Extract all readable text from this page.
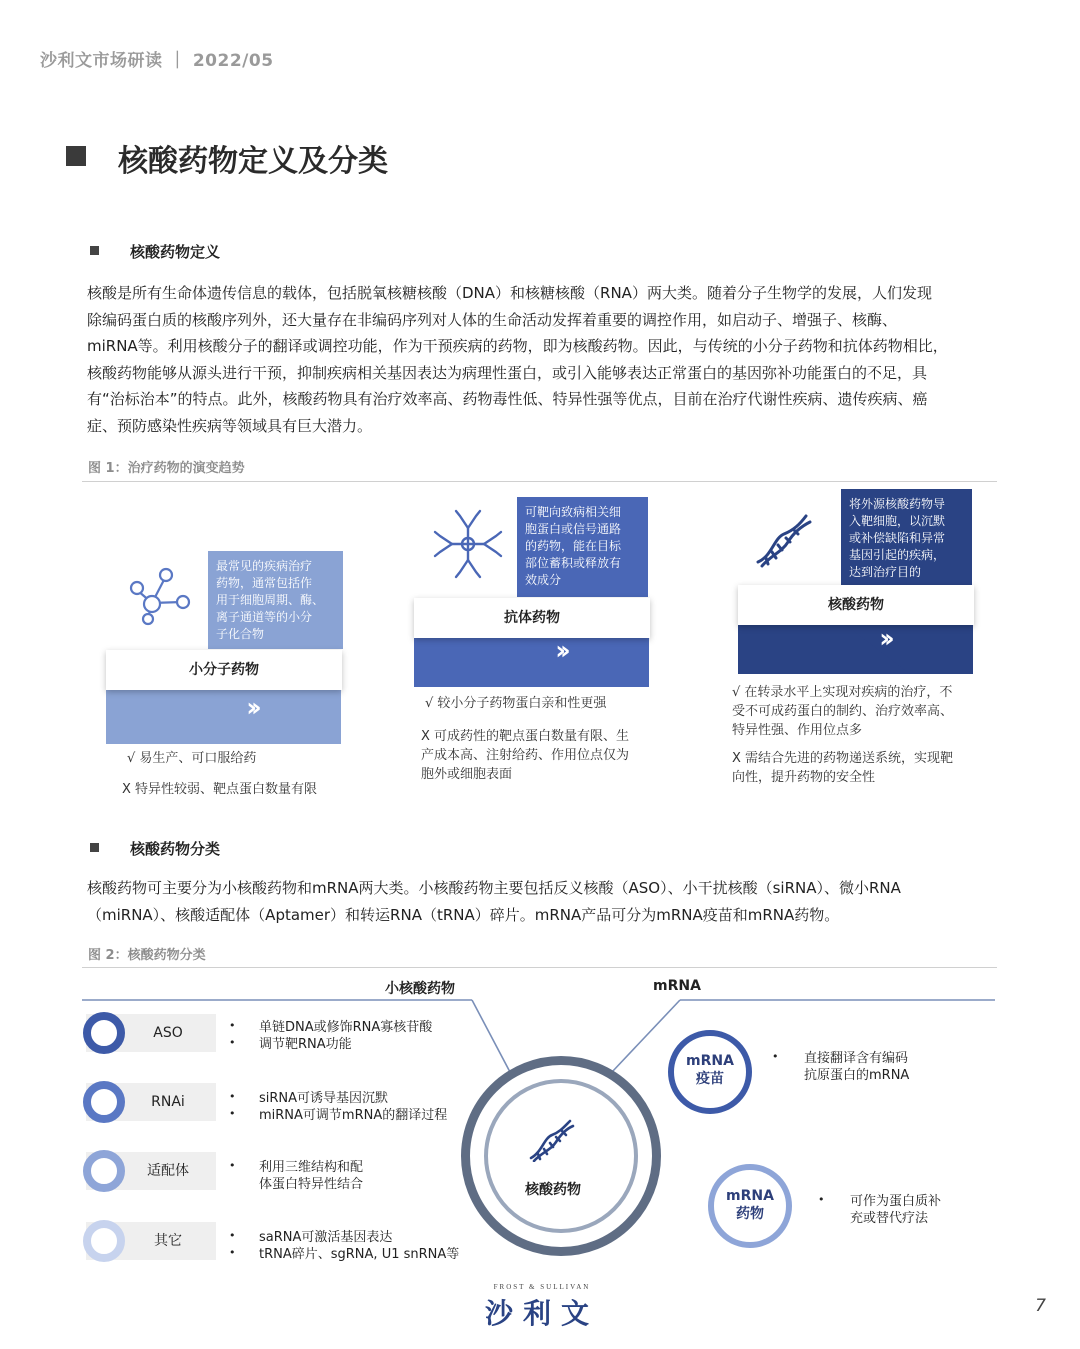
沙利文市场研读 ｜ 2022/05
核酸药物定义及分类
核酸药物定义
核酸是所有生命体遗传信息的载体，包括脱氧核糖核酸（DNA）和核糖核酸（RNA）两大类。随着分子生物学的发展，人们发现
除编码蛋白质的核酸序列外，还大量存在非编码序列对人体的生命活动发挥着重要的调控作用，如启动子、增强子、核酶、
miRNA等。利用核酸分子的翻译或调控功能，作为干预疾病的药物，即为核酸药物。因此，与传统的小分子药物和抗体药物相比，
核酸药物能够从源头进行干预，抑制疾病相关基因表达为病理性蛋白，或引入能够表达正常蛋白的基因弥补功能蛋白的不足，具
有“治标治本”的特点。此外，核酸药物具有治疗效率高、药物毒性低、特异性强等优点，目前在治疗代谢性疾病、遗传疾病、癌
症、预防感染性疾病等领域具有巨大潜力。
图 1：治疗药物的演变趋势
最常见的疾病治疗
药物，通常包括作
用于细胞周期、酶、
离子通道等的小分
子化合物
小分子药物
››
√ 易生产、可口服给药
X 特异性较弱、靶点蛋白数量有限
可靶向致病相关细
胞蛋白或信号通路
的药物，能在目标
部位蓄积或释放有
效成分
抗体药物
››
√ 较小分子药物蛋白亲和性更强
X 可成药性的靶点蛋白数量有限、生
产成本高、注射给药、作用位点仅为
胞外或细胞表面
将外源核酸药物导
入靶细胞，以沉默
或补偿缺陷和异常
基因引起的疾病，
达到治疗目的
核酸药物
››
√ 在转录水平上实现对疾病的治疗，不
受不可成药蛋白的制约、治疗效率高、
特异性强、作用位点多
X 需结合先进的药物递送系统，实现靶
向性，提升药物的安全性
核酸药物分类
核酸药物可主要分为小核酸药物和mRNA两大类。小核酸药物主要包括反义核酸（ASO）、小干扰核酸（siRNA）、微小RNA
（miRNA）、核酸适配体（Aptamer）和转运RNA（tRNA）碎片。mRNA产品可分为mRNA疫苗和mRNA药物。
图 2：核酸药物分类
小核酸药物	mRNA
核酸药物
ASO	•
•
单链DNA或修饰RNA寡核苷酸
调节靶RNA功能
RNAi	•
•
siRNA可诱导基因沉默
miRNA可调节mRNA的翻译过程
适配体	• 利用三维结构和配
体蛋白特异性结合
其它	•
•
saRNA可激活基因表达
tRNA碎片、sgRNA, U1 snRNA等
mRNA
疫苗
• 直接翻译含有编码
抗原蛋白的mRNA
mRNA
药物
• 可作为蛋白质补
充或替代疗法
FROST & SULLIVAN
沙利文	7
